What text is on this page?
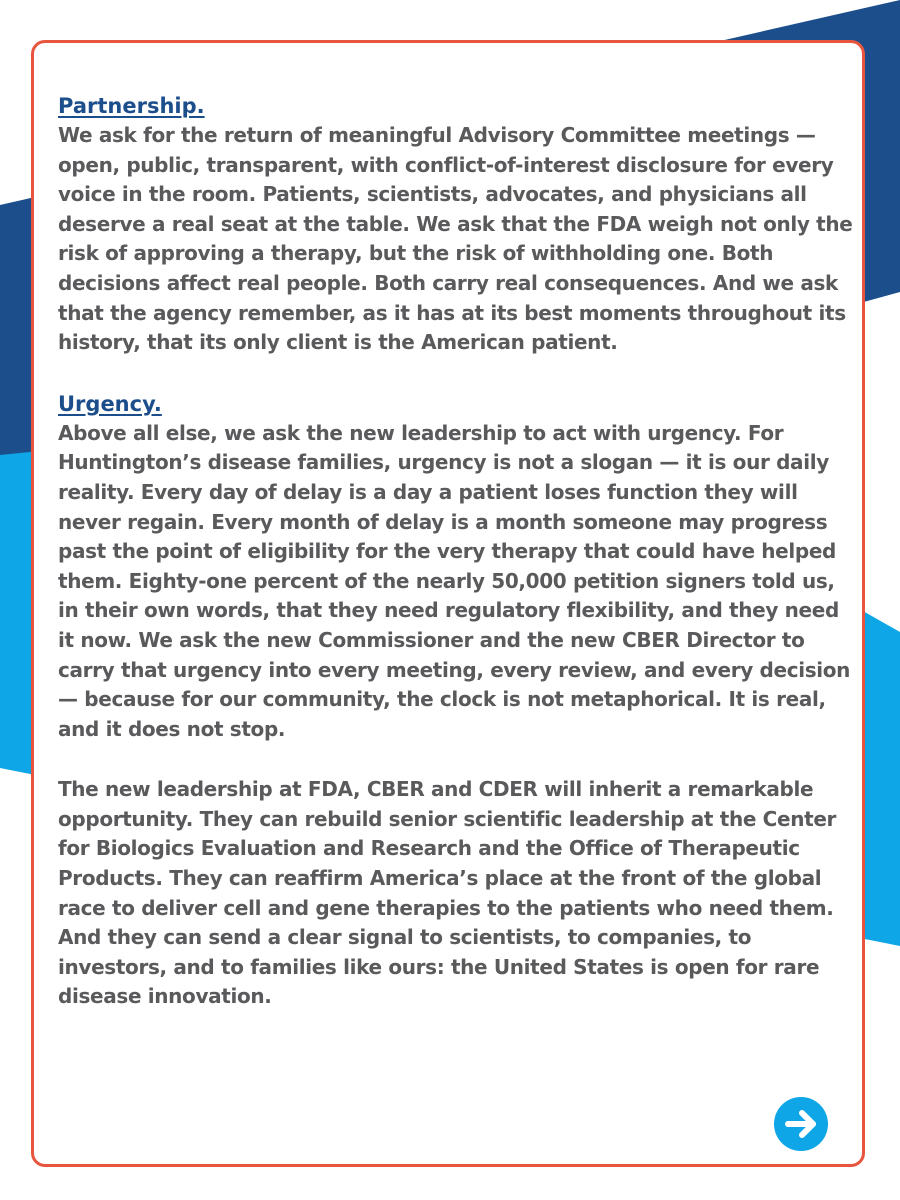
Partnership.

We ask for the return of meaningful Advisory Committee meetings — open, public, transparent, with conflict-of-interest disclosure for every voice in the room. Patients, scientists, advocates, and physicians all deserve a real seat at the table. We ask that the FDA weigh not only the risk of approving a therapy, but the risk of withholding one. Both decisions affect real people. Both carry real consequences. And we ask that the agency remember, as it has at its best moments throughout its history, that its only client is the American patient.

Urgency.

Above all else, we ask the new leadership to act with urgency. For Huntington’s disease families, urgency is not a slogan — it is our daily reality. Every day of delay is a day a patient loses function they will never regain. Every month of delay is a month someone may progress past the point of eligibility for the very therapy that could have helped them. Eighty-one percent of the nearly 50,000 petition signers told us, in their own words, that they need regulatory flexibility, and they need it now. We ask the new Commissioner and the new CBER Director to carry that urgency into every meeting, every review, and every decision — because for our community, the clock is not metaphorical. It is real, and it does not stop.

The new leadership at FDA, CBER and CDER will inherit a remarkable opportunity. They can rebuild senior scientific leadership at the Center for Biologics Evaluation and Research and the Office of Therapeutic Products. They can reaffirm America’s place at the front of the global race to deliver cell and gene therapies to the patients who need them. And they can send a clear signal to scientists, to companies, to investors, and to families like ours: the United States is open for rare disease innovation.
